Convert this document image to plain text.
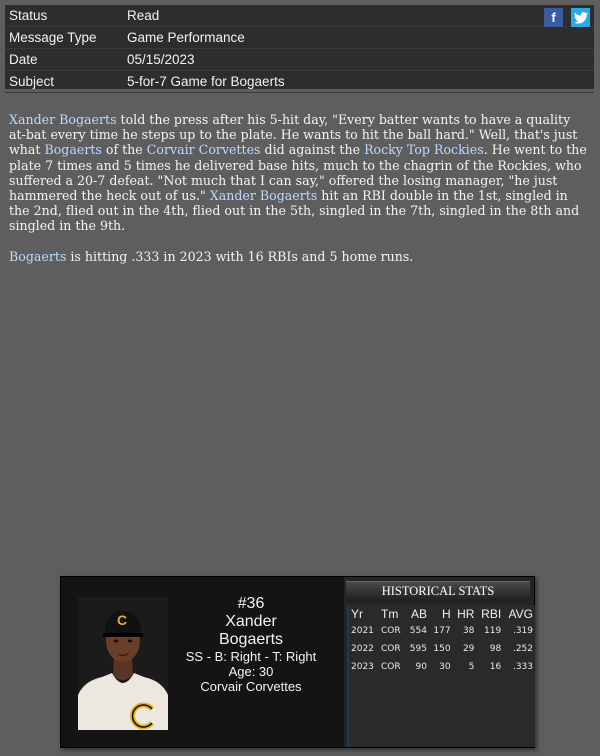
Status	Read
Message Type	Game Performance
Date	05/15/2023
Subject	5-for-7 Game for Bogaerts
f

Xander Bogaerts told the press after his 5-hit day, "Every batter wants to have a quality at-bat every time he steps up to the plate. He wants to hit the ball hard." Well, that's just what Bogaerts of the Corvair Corvettes did against the Rocky Top Rockies. He went to the plate 7 times and 5 times he delivered base hits, much to the chagrin of the Rockies, who suffered a 20-7 defeat. "Not much that I can say," offered the losing manager, "he just hammered the heck out of us." Xander Bogaerts hit an RBI double in the 1st, singled in the 2nd, flied out in the 4th, flied out in the 5th, singled in the 7th, singled in the 8th and singled in the 9th.

Bogaerts is hitting .333 in 2023 with 16 RBIs and 5 home runs.

C
#36
Xander
Bogaerts
SS - B: Right - T: Right
Age: 30
Corvair Corvettes
HISTORICAL STATS
Yr	Tm	AB	H	HR	RBI	AVG
2021	COR	554	177	38	119	.319
2022	COR	595	150	29	98	.252
2023	COR	90	30	5	16	.333
